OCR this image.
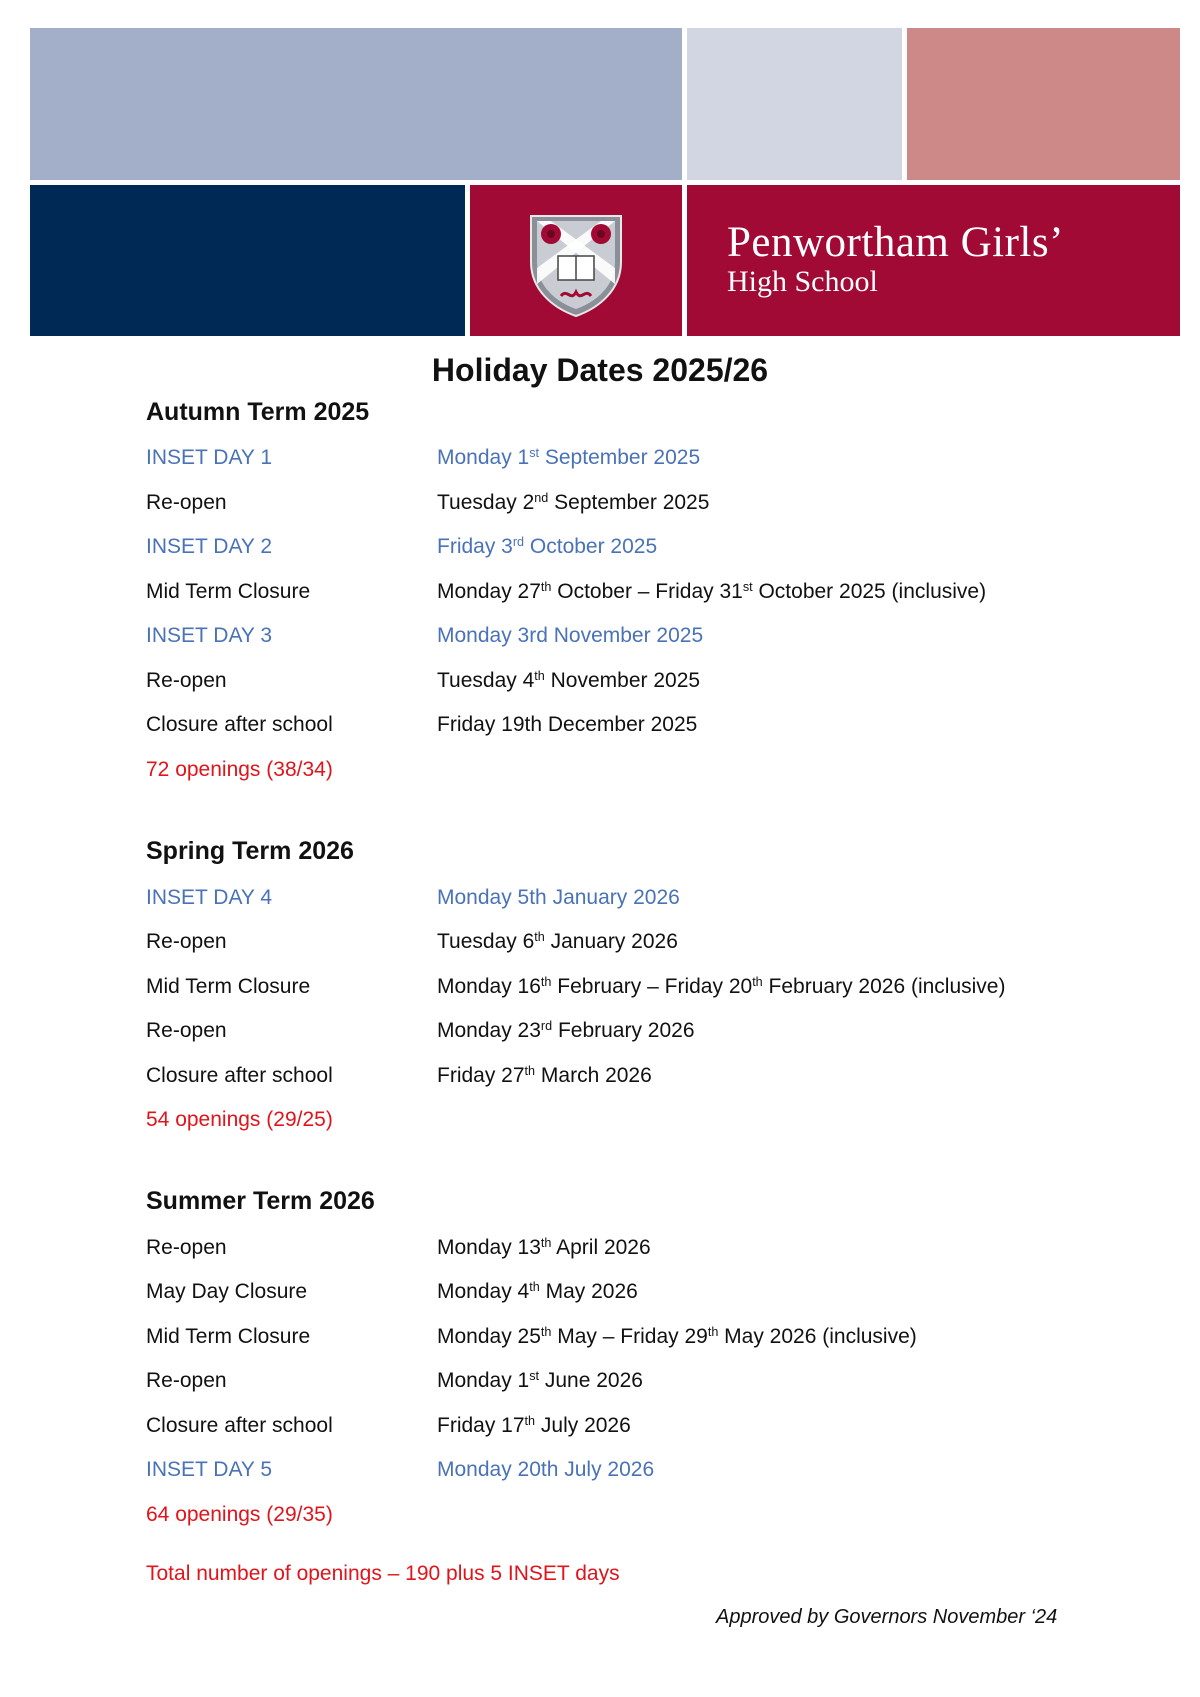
Penwortham Girls’
High School
Holiday Dates 2025/26
Autumn Term 2025
INSET DAY 1	Monday 1st September 2025
Re-open	Tuesday 2nd September 2025
INSET DAY 2	Friday 3rd October 2025
Mid Term Closure	Monday 27th October – Friday 31st October 2025 (inclusive)
INSET DAY 3	Monday 3rd November 2025
Re-open	Tuesday 4th November 2025
Closure after school	Friday 19th December 2025
72 openings (38/34)
Spring Term 2026
INSET DAY 4	Monday 5th January 2026
Re-open	Tuesday 6th January 2026
Mid Term Closure	Monday 16th February – Friday 20th February 2026 (inclusive)
Re-open	Monday 23rd February 2026
Closure after school	Friday 27th March 2026
54 openings (29/25)
Summer Term 2026
Re-open	Monday 13th April 2026
May Day Closure	Monday 4th May 2026
Mid Term Closure	Monday 25th May – Friday 29th May 2026 (inclusive)
Re-open	Monday 1st June 2026
Closure after school	Friday 17th July 2026
INSET DAY 5	Monday 20th July 2026
64 openings (29/35)
Total number of openings – 190 plus 5 INSET days
Approved by Governors November ‘24
